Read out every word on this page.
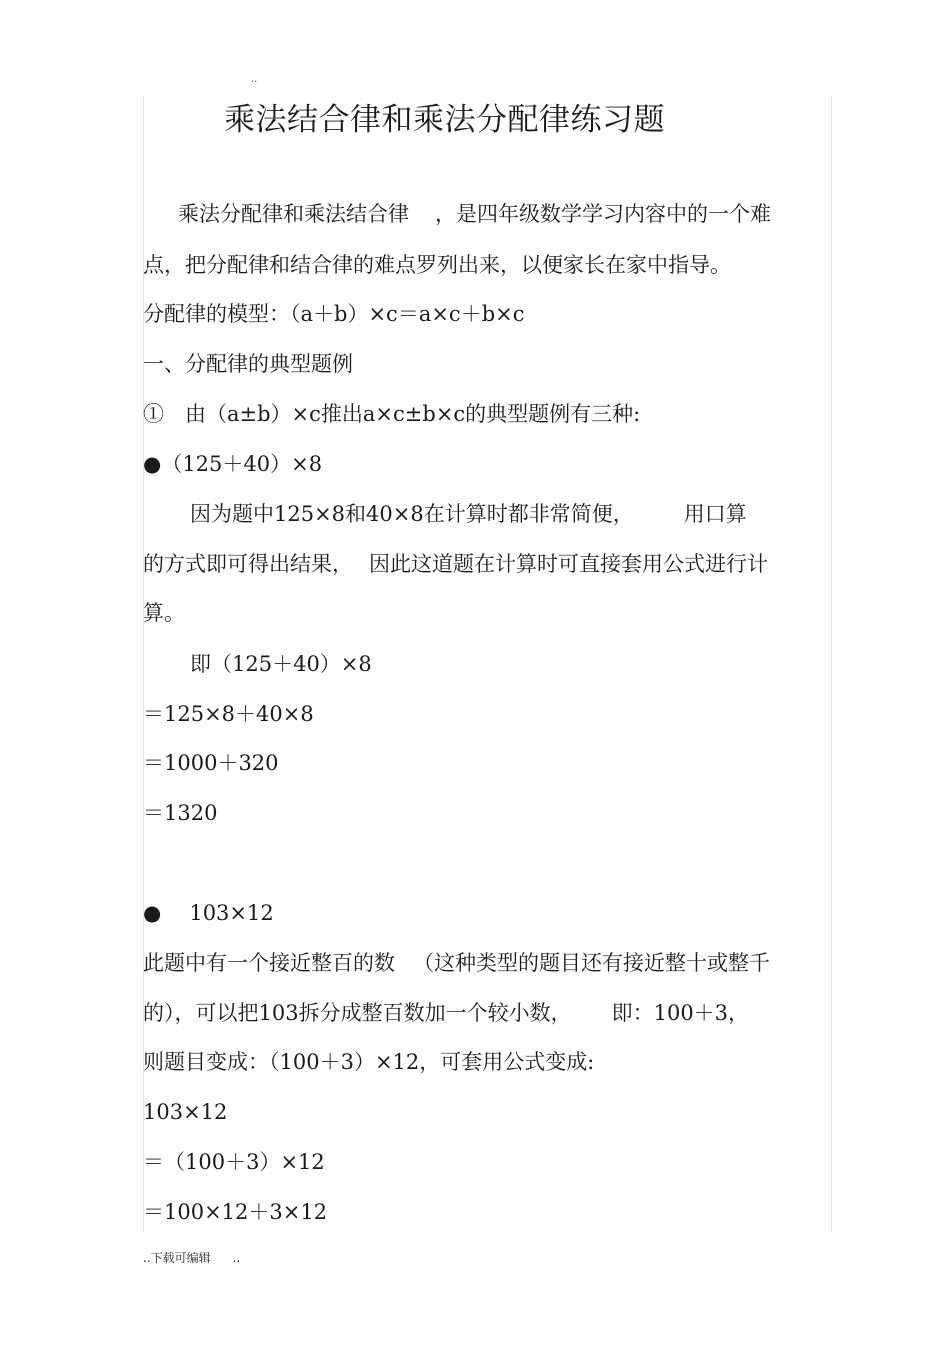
..
乘法结合律和乘法分配律练习题
乘法分配律和乘法结合律 ，是四年级数学学习内容中的一个难
点，把分配律和结合律的难点罗列出来，以便家长在家中指导。
分配律的模型：（a＋b）×c＝a×c＋b×c
一、分配律的典型题例
①　由（a±b）×c推出a×c±b×c的典型题例有三种:
●（125＋40）×8
因为题中125×8和40×8在计算时都非常简便， 用口算
的方式即可得出结果， 因此这道题在计算时可直接套用公式进行计
算。
即（125＋40）×8
＝125×8＋40×8
＝1000＋320
＝1320
● 103×12
此题中有一个接近整百的数 （这种类型的题目还有接近整十或整千
的），可以把103拆分成整百数加一个较小数， 即：100＋3，
则题目变成：（100＋3）×12，可套用公式变成:
103×12
＝（100＋3）×12
＝100×12＋3×12
..下载可编辑 ..
